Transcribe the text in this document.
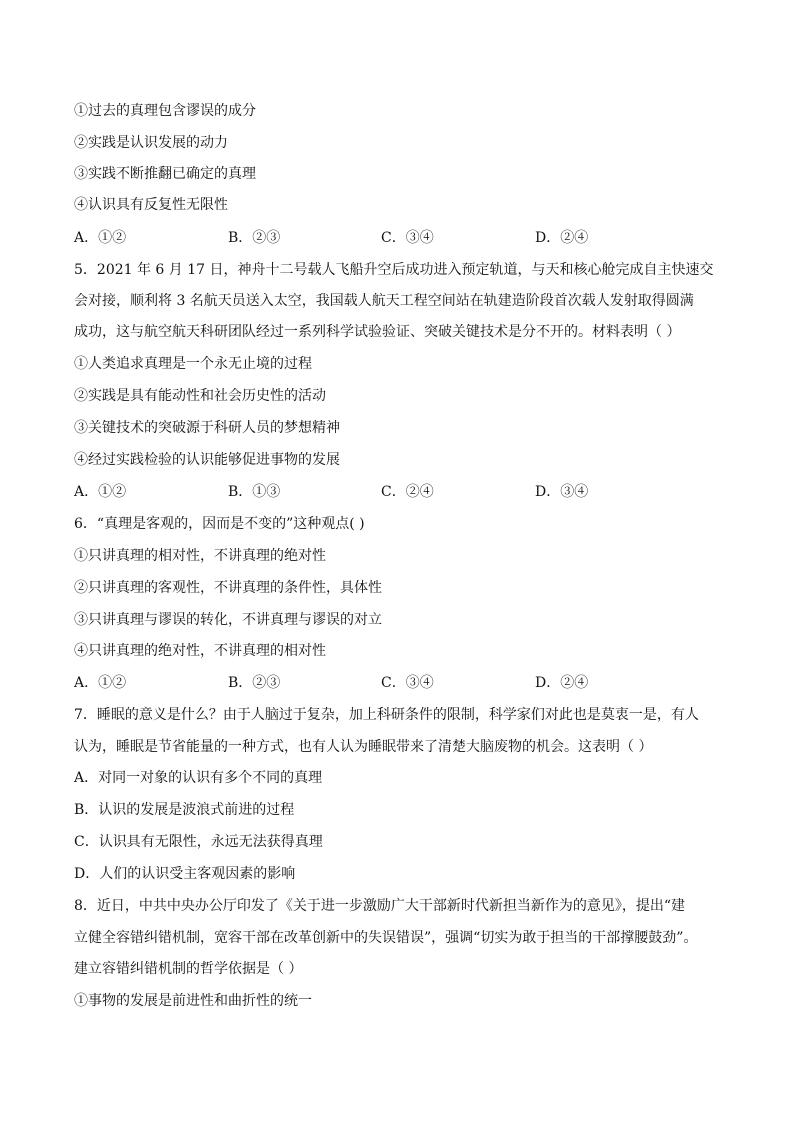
①过去的真理包含谬误的成分
②实践是认识发展的动力
③实践不断推翻已确定的真理
④认识具有反复性无限性
A．①②	B．②③	C．③④	D．②④
5．2021 年 6 月 17 日，神舟十二号载人飞船升空后成功进入预定轨道，与天和核心舱完成自主快速交
会对接，顺利将 3 名航天员送入太空，我国载人航天工程空间站在轨建造阶段首次载人发射取得圆满
成功，这与航空航天科研团队经过一系列科学试验验证、突破关键技术是分不开的。材料表明（ ）
①人类追求真理是一个永无止境的过程
②实践是具有能动性和社会历史性的活动
③关键技术的突破源于科研人员的梦想精神
④经过实践检验的认识能够促进事物的发展
A．①②	B．①③	C．②④	D．③④
6．“真理是客观的，因而是不变的”这种观点( )
①只讲真理的相对性，不讲真理的绝对性
②只讲真理的客观性，不讲真理的条件性，具体性
③只讲真理与谬误的转化，不讲真理与谬误的对立
④只讲真理的绝对性，不讲真理的相对性
A．①②	B．②③	C．③④	D．②④
7．睡眠的意义是什么？由于人脑过于复杂，加上科研条件的限制，科学家们对此也是莫衷一是，有人
认为，睡眠是节省能量的一种方式，也有人认为睡眠带来了清楚大脑废物的机会。这表明（ ）
A．对同一对象的认识有多个不同的真理
B．认识的发展是波浪式前进的过程
C．认识具有无限性，永远无法获得真理
D．人们的认识受主客观因素的影响
8．近日，中共中央办公厅印发了《关于进一步激励广大干部新时代新担当新作为的意见》，提出“建
立健全容错纠错机制，宽容干部在改革创新中的失误错误”，强调“切实为敢于担当的干部撑腰鼓劲”。
建立容错纠错机制的哲学依据是（ ）
①事物的发展是前进性和曲折性的统一
